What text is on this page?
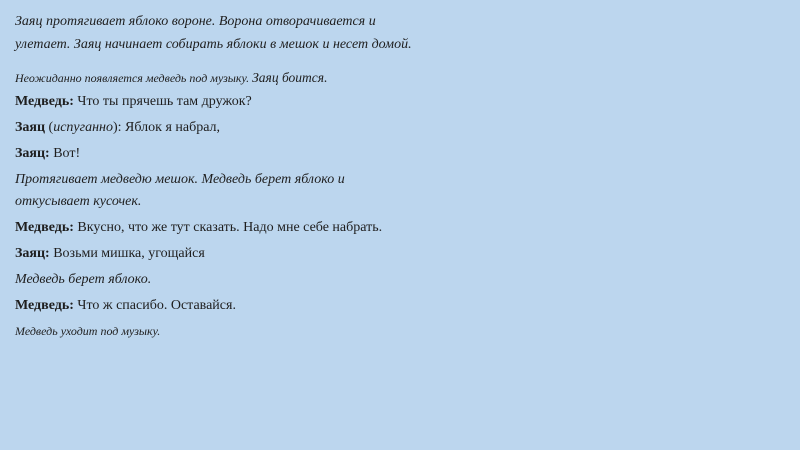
Заяц протягивает яблоко вороне. Ворона отворачивается и улетает. Заяц начинает собирать яблоки в мешок и несет домой.

Неожиданно появляется медведь под музыку. Заяц боится.

Медведь: Что ты прячешь там дружок?

Заяц (испуганно): Яблок я набрал,

Заяц: Вот!

Протягивает медведю мешок. Медведь берет яблоко и откусывает кусочек.

Медведь: Вкусно, что же тут сказать. Надо мне себе набрать.

Заяц: Возьми мишка, угощайся

Медведь берет яблоко.

Медведь: Что ж спасибо. Оставайся.

Медведь уходит под музыку.
